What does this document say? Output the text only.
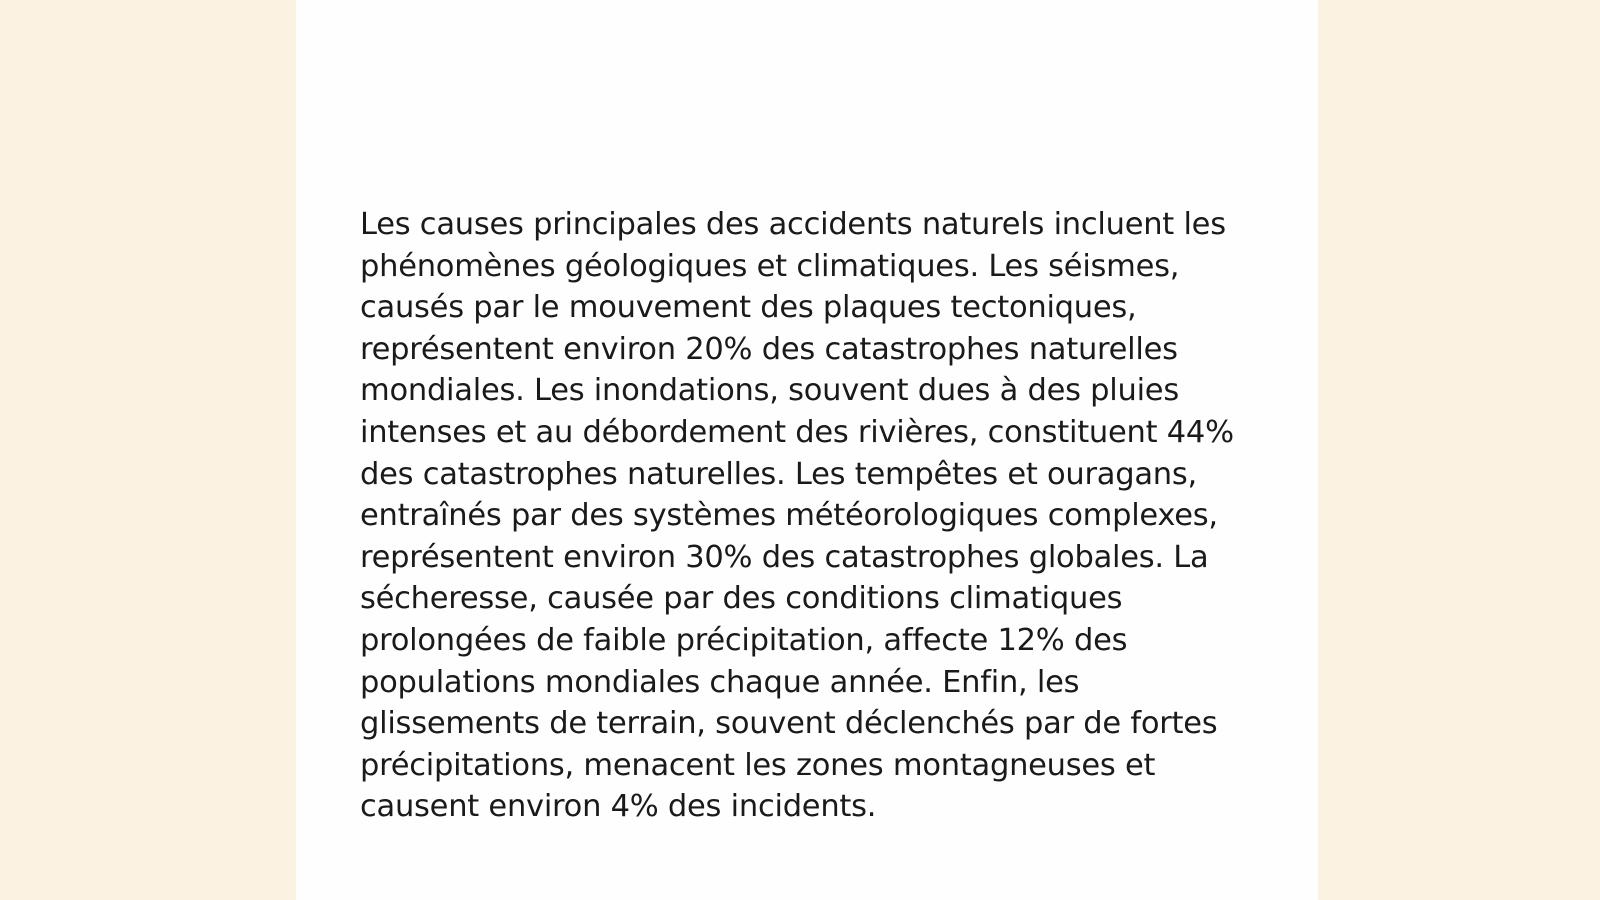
Les causes principales des accidents naturels incluent les phénomènes géologiques et climatiques. Les séismes, causés par le mouvement des plaques tectoniques, représentent environ 20% des catastrophes naturelles mondiales. Les inondations, souvent dues à des pluies intenses et au débordement des rivières, constituent 44% des catastrophes naturelles. Les tempêtes et ouragans, entraînés par des systèmes météorologiques complexes, représentent environ 30% des catastrophes globales. La sécheresse, causée par des conditions climatiques prolongées de faible précipitation, affecte 12% des populations mondiales chaque année. Enfin, les glissements de terrain, souvent déclenchés par de fortes précipitations, menacent les zones montagneuses et causent environ 4% des incidents.
